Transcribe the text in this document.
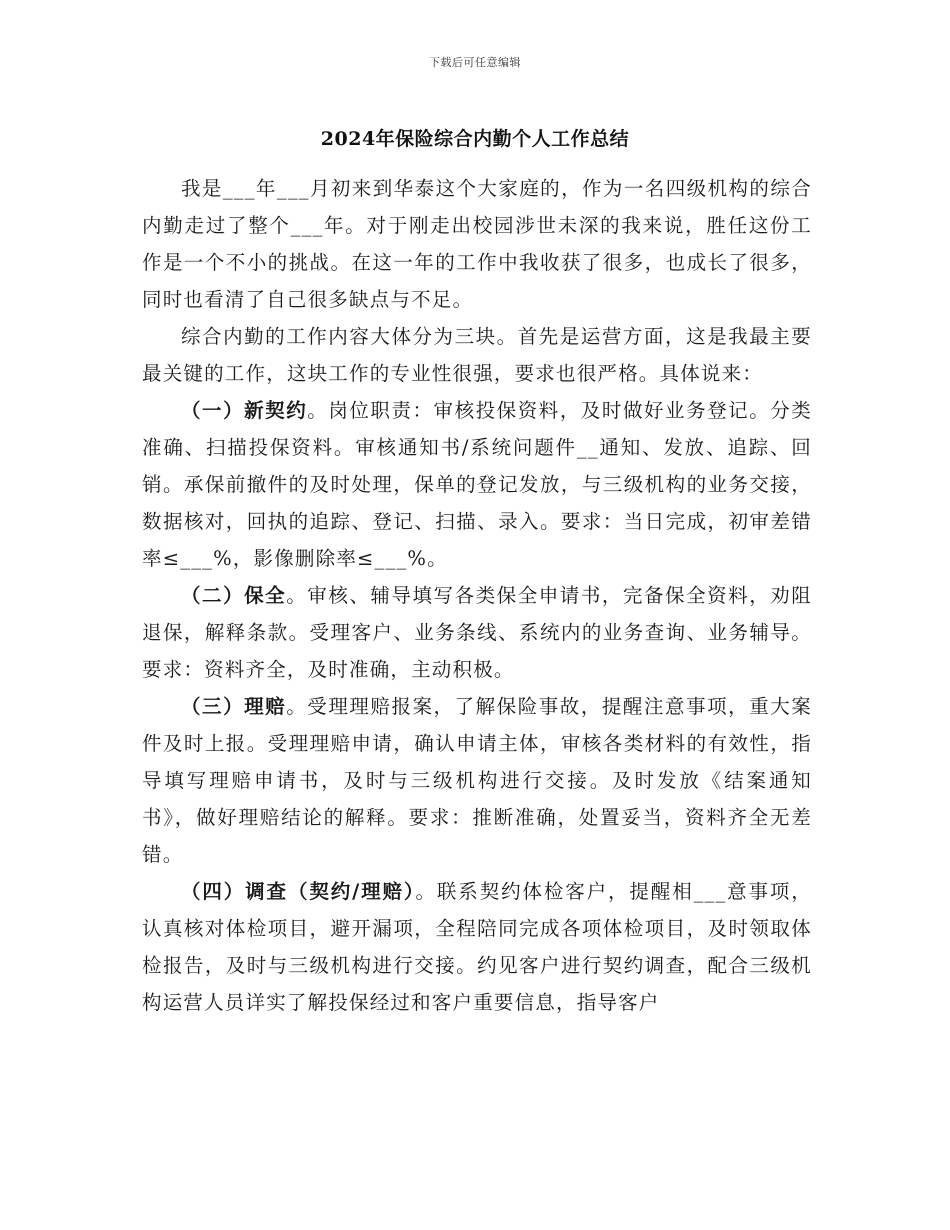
下载后可任意编辑
2024年保险综合内勤个人工作总结

我是___年___月初来到华泰这个大家庭的，作为一名四级机构的综合内勤走过了整个___年。对于刚走出校园涉世未深的我来说，胜任这份工作是一个不小的挑战。在这一年的工作中我收获了很多，也成长了很多，同时也看清了自己很多缺点与不足。

综合内勤的工作内容大体分为三块。首先是运营方面，这是我最主要最关键的工作，这块工作的专业性很强，要求也很严格。具体说来：

（一）新契约。岗位职责：审核投保资料，及时做好业务登记。分类准确、扫描投保资料。审核通知书/系统问题件__通知、发放、追踪、回销。承保前撤件的及时处理，保单的登记发放，与三级机构的业务交接，数据核对，回执的追踪、登记、扫描、录入。要求：当日完成，初审差错率≤___%，影像删除率≤___%。

（二）保全。审核、辅导填写各类保全申请书，完备保全资料，劝阻退保，解释条款。受理客户、业务条线、系统内的业务查询、业务辅导。要求：资料齐全，及时准确，主动积极。

（三）理赔。受理理赔报案，了解保险事故，提醒注意事项，重大案件及时上报。受理理赔申请，确认申请主体，审核各类材料的有效性，指导填写理赔申请书，及时与三级机构进行交接。及时发放《结案通知书》，做好理赔结论的解释。要求：推断准确，处置妥当，资料齐全无差错。

（四）调查（契约/理赔）。联系契约体检客户，提醒相___意事项，认真核对体检项目，避开漏项，全程陪同完成各项体检项目，及时领取体检报告，及时与三级机构进行交接。约见客户进行契约调查，配合三级机构运营人员详实了解投保经过和客户重要信息，指导客户
